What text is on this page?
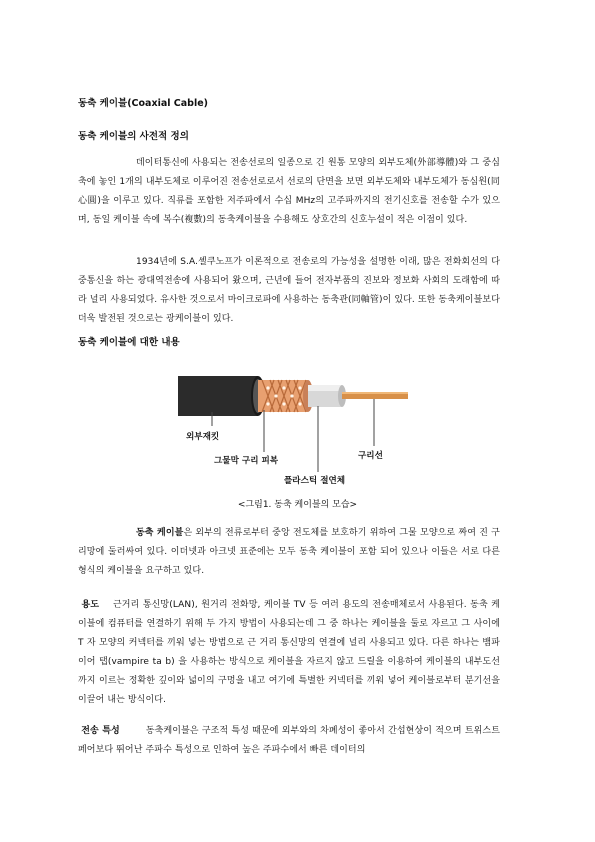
동축 케이블(Coaxial Cable)
동축 케이블의 사전적 정의
데이터통신에 사용되는 전송선로의 일종으로 긴 원통 모양의 외부도체(外部導體)와 그 중심축에 놓인 1개의 내부도체로 이루어진 전송선로로서 선로의 단면을 보면 외부도체와 내부도체가 동심원(同心圓)을 이루고 있다. 직류를 포함한 저주파에서 수십 MHz의 고주파까지의 전기신호를 전송할 수가 있으며, 동일 케이블 속에 복수(複數)의 동축케이블을 수용해도 상호간의 신호누설이 적은 이점이 있다.
1934년에 S.A.셸쿠노프가 이론적으로 전송로의 가능성을 설명한 이래, 많은 전화회선의 다중통신을 하는 광대역전송에 사용되어 왔으며, 근년에 들어 전자부품의 진보와 정보화 사회의 도래함에 따라 널리 사용되었다. 유사한 것으로서 마이크로파에 사용하는 동축관(同軸管)이 있다. 또한 동축케이블보다 더욱 발전된 것으로는 광케이블이 있다.
동축 케이블에 대한 내용
외부재킷
그물막 구리 피복
플라스틱 절연체
구리선
<그림1. 동축 케이블의 모습>
동축 케이블은 외부의 전류로부터 중앙 전도체를 보호하기 위하여 그물 모양으로 짜여 진 구리망에 둘러싸여 있다. 이더넷과 아크넷 표준에는 모두 동축 케이블이 포함 되어 있으나 이들은 서로 다른 형식의 케이블을 요구하고 있다.
용도 근거리 통신망(LAN), 원거리 전화망, 케이블 TV 등 여러 용도의 전송매체로서 사용된다. 동축 케이블에 컴퓨터를 연결하기 위해 두 가지 방법이 사용되는데 그 중 하나는 케이블을 둘로 자르고 그 사이에 T 자 모양의 커넥터를 끼워 넣는 방법으로 근 거리 통신망의 연결에 널리 사용되고 있다. 다른 하나는 뱀파이어 탭(vampire ta b) 을 사용하는 방식으로 케이블을 자르지 않고 드릴을 이용하여 케이블의 내부도선까지 이르는 정확한 깊이와 넓이의 구멍을 내고 여기에 특별한 커넥터를 끼워 넣어 케이블로부터 분기선을 이끌어 내는 방식이다.
전송 특성	동축케이블은 구조적 특성 때문에 외부와의 차폐성이 좋아서 간섭현상이 적으며 트위스트 페어보다 뛰어난 주파수 특성으로 인하여 높은 주파수에서 빠른 데이터의
